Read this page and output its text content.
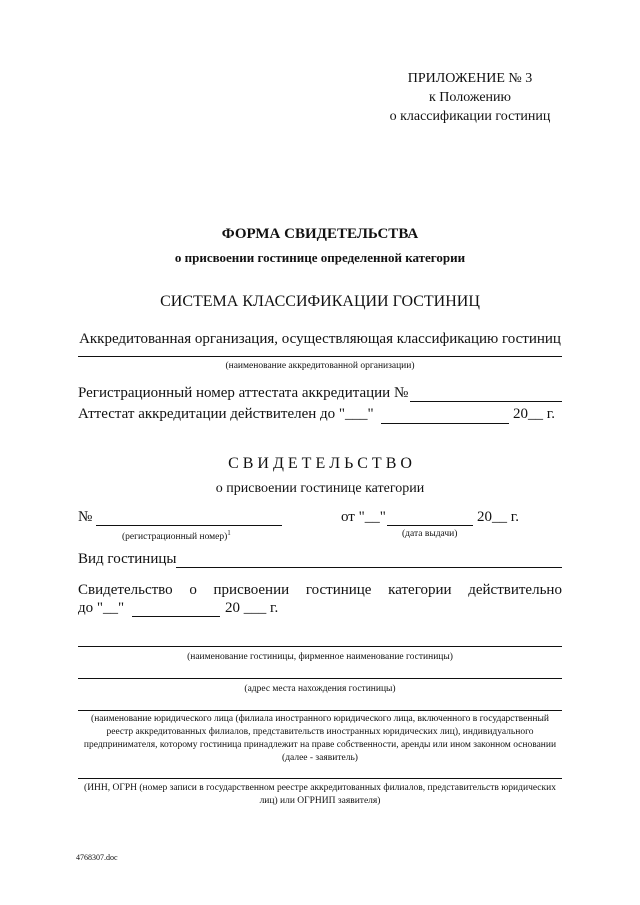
ПРИЛОЖЕНИЕ № 3
к Положению
о классификации гостиниц
ФОРМА СВИДЕТЕЛЬСТВА
о присвоении гостинице определенной категории
СИСТЕМА КЛАССИФИКАЦИИ ГОСТИНИЦ
Аккредитованная организация, осуществляющая классификацию гостиниц
(наименование аккредитованной организации)
Регистрационный номер аттестата аккредитации №
Аттестат аккредитации действителен до "___"	20__ г.
С В И Д Е Т Е Л Ь С Т В О
о присвоении гостинице категории
№
(регистрационный номер)$^1$
от "__"	20__ г.
(дата выдачи)
Вид гостиницы
Свидетельство о присвоении гостинице категории действительно
до "__"	20 ___ г.
(наименование гостиницы, фирменное наименование гостиницы)
(адрес места нахождения гостиницы)
(наименование юридического лица (филиала иностранного юридического лица, включенного в государственный реестр аккредитованных филиалов, представительств иностранных юридических лиц), индивидуального предпринимателя, которому гостиница принадлежит на праве собственности, аренды или ином законном основании (далее - заявитель)
(ИНН, ОГРН (номер записи в государственном реестре аккредитованных филиалов, представительств юридических лиц) или ОГРНИП заявителя)
4768307.doc
